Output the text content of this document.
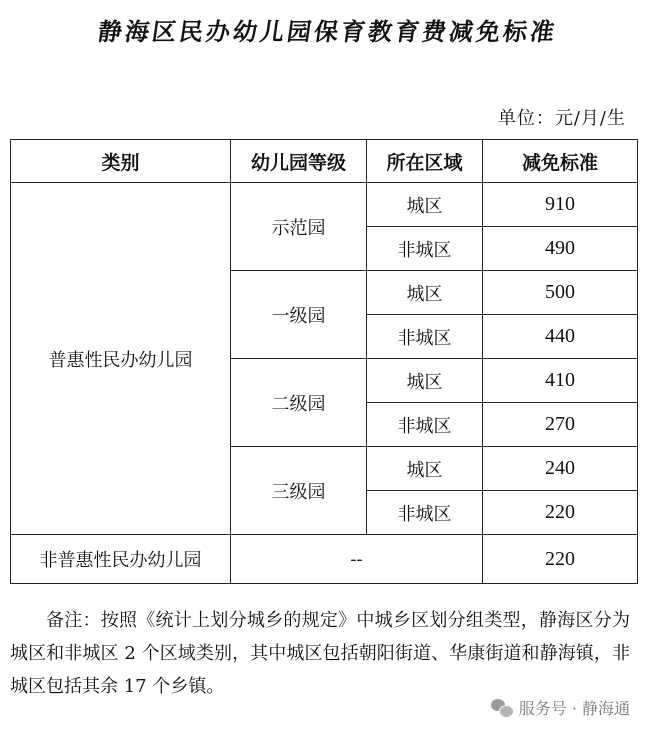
静海区民办幼儿园保育教育费减免标准
单位：元/月/生
类别	幼儿园等级	所在区域	减免标准
普惠性民办幼儿园	示范园	城区	910
		非城区	490
	一级园	城区	500
		非城区	440
	二级园	城区	410
		非城区	270
	三级园	城区	240
		非城区	220
非普惠性民办幼儿园	--		220
备注：按照《统计上划分城乡的规定》中城乡区划分组类型，静海区分为城区和非城区 2 个区域类别，其中城区包括朝阳街道、华康街道和静海镇，非城区包括其余 17 个乡镇。
服务号 · 静海通
